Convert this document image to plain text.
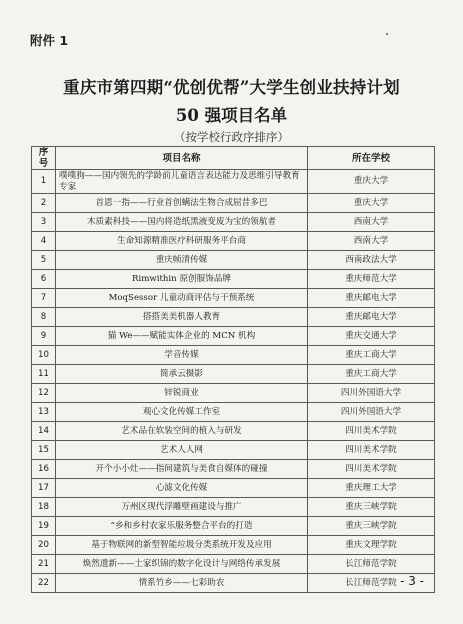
附件 1
重庆市第四期“优创优帮”大学生创业扶持计划
50 强项目名单
（按学校行政序排序）
序号	项目名称	所在学校
1	噗噗狗——国内领先的学龄前儿童语言表达能力及思维引导教育专家	重庆大学
2	首恩一指——行业首创螨法生物合成屈昔多巴	重庆大学
3	木质素科技——国内将造纸黑液变废为宝的领航者	西南大学
4	生命知源精准医疗科研服务平台商	西南大学
5	重庆帧清传媒	西南政法大学
6	Rimwithin 原创服饰品牌	重庆师范大学
7	MoqSessor 儿童动商评估与干预系统	重庆邮电大学
8	搭搭美美机器人教育	重庆邮电大学
9	猫 We——赋能实体企业的 MCN 机构	重庆交通大学
10	学音传媒	重庆工商大学
11	简承云摄影	重庆工商大学
12	锌锐商业	四川外国语大学
13	观心文化传媒工作室	四川外国语大学
14	艺术品在软装空间的植入与研发	四川美术学院
15	艺术人人网	四川美术学院
16	开个小小灶——指间建筑与美食自媒体的碰撞	四川美术学院
17	心滤文化传媒	重庆理工大学
18	万州区现代浮雕壁画建设与推广	重庆三峡学院
19	“乡和乡村农家乐服务整合平台的打造	重庆三峡学院
20	基于物联网的新型智能垃圾分类系统开发及应用	重庆文理学院
21	焕然遗新——土家织锦的数字化设计与网络传承发展	长江师范学院
22	情系竹乡——七彩助农	长江师范学院 - 3 -
